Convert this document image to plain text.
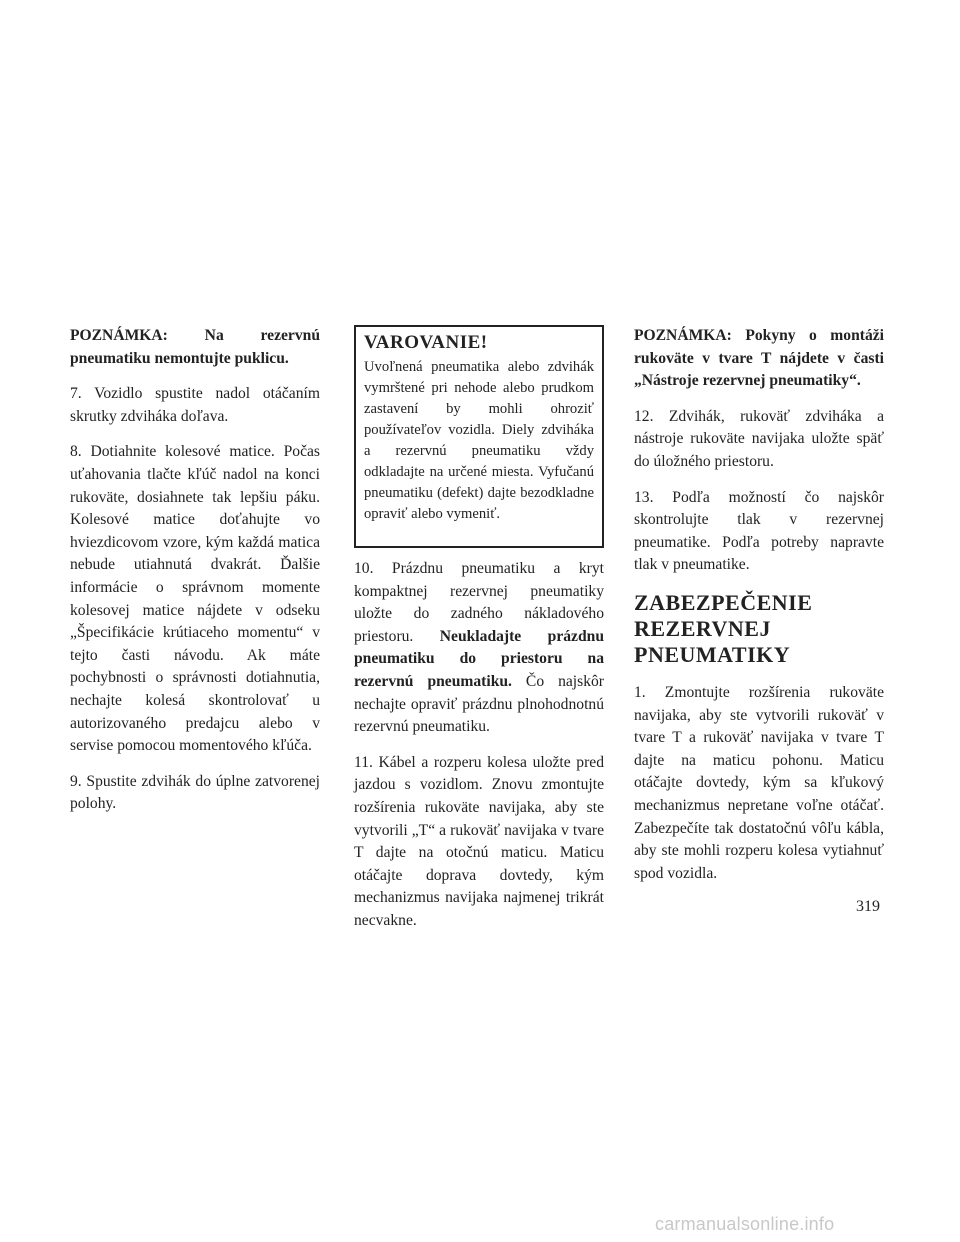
POZNÁMKA: Na rezervnú pneumatiku nemontujte puklicu.

7. Vozidlo spustite nadol otáčaním skrutky zdviháka doľava.

8. Dotiahnite kolesové matice. Počas uťahovania tlačte kľúč nadol na konci rukoväte, dosiahnete tak lepšiu páku. Kolesové matice doťahujte vo hviezdicovom vzore, kým každá matica nebude utiahnutá dvakrát. Ďalšie informácie o správnom momente kolesovej matice nájdete v odseku „Špecifikácie krútiaceho momentu“ v tejto časti návodu. Ak máte pochybnosti o správnosti dotiahnutia, nechajte kolesá skontrolovať u autorizovaného predajcu alebo v servise pomocou momentového kľúča.

9. Spustite zdvihák do úplne zatvorenej polohy.

VAROVANIE!

Uvoľnená pneumatika alebo zdvihák vymrštené pri nehode alebo prudkom zastavení by mohli ohroziť používateľov vozidla. Diely zdviháka a rezervnú pneumatiku vždy odkladajte na určené miesta. Vyfučanú pneumatiku (defekt) dajte bezodkladne opraviť alebo vymeniť.

10. Prázdnu pneumatiku a kryt kompaktnej rezervnej pneumatiky uložte do zadného nákladového priestoru. Neukladajte prázdnu pneumatiku do priestoru na rezervnú pneumatiku. Čo najskôr nechajte opraviť prázdnu plnohodnotnú rezervnú pneumatiku.

11. Kábel a rozperu kolesa uložte pred jazdou s vozidlom. Znovu zmontujte rozšírenia rukoväte navijaka, aby ste vytvorili „T“ a rukoväť navijaka v tvare T dajte na otočnú maticu. Maticu otáčajte doprava dovtedy, kým mechanizmus navijaka najmenej trikrát necvakne.

POZNÁMKA: Pokyny o montáži rukoväte v tvare T nájdete v časti „Nástroje rezervnej pneumatiky“.

12. Zdvihák, rukoväť zdviháka a nástroje rukoväte navijaka uložte späť do úložného priestoru.

13. Podľa možností čo najskôr skontrolujte tlak v rezervnej pneumatike. Podľa potreby napravte tlak v pneumatike.

ZABEZPEČENIE REZERVNEJ PNEUMATIKY

1. Zmontujte rozšírenia rukoväte navijaka, aby ste vytvorili rukoväť v tvare T a rukoväť navijaka v tvare T dajte na maticu pohonu. Maticu otáčajte dovtedy, kým sa kľukový mechanizmus nepretane voľne otáčať. Zabezpečíte tak dostatočnú vôľu kábla, aby ste mohli rozperu kolesa vytiahnuť spod vozidla.

319
carmanualsonline.info
